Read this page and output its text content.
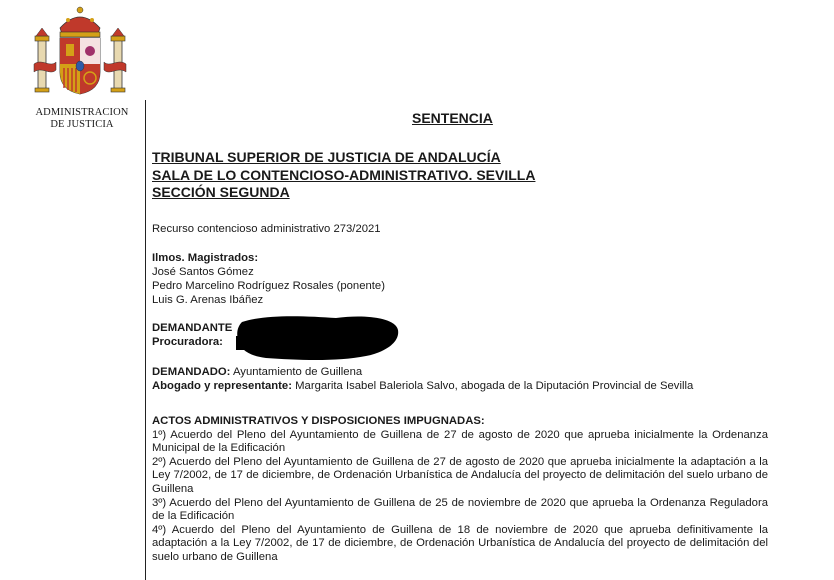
ADMINISTRACION
DE JUSTICIA	SENTENCIA
TRIBUNAL SUPERIOR DE JUSTICIA DE ANDALUCÍA
SALA DE LO CONTENCIOSO-ADMINISTRATIVO. SEVILLA
SECCIÓN SEGUNDA
Recurso contencioso administrativo 273/2021
Ilmos. Magistrados:
José Santos Gómez
Pedro Marcelino Rodríguez Rosales (ponente)
Luis G. Arenas Ibáñez
DEMANDANTE
Procuradora:
DEMANDADO: Ayuntamiento de Guillena
Abogado y representante: Margarita Isabel Baleriola Salvo, abogada de la Diputación Provincial de Sevilla

ACTOS ADMINISTRATIVOS Y DISPOSICIONES IMPUGNADAS:

1º) Acuerdo del Pleno del Ayuntamiento de Guillena de 27 de agosto de 2020 que aprueba inicialmente la Ordenanza Municipal de la Edificación

2º) Acuerdo del Pleno del Ayuntamiento de Guillena de 27 de agosto de 2020 que aprueba inicialmente la adaptación a la Ley 7/2002, de 17 de diciembre, de Ordenación Urbanística de Andalucía del proyecto de delimitación del suelo urbano de Guillena

3º) Acuerdo del Pleno del Ayuntamiento de Guillena de 25 de noviembre de 2020 que aprueba la Ordenanza Reguladora de la Edificación

4º) Acuerdo del Pleno del Ayuntamiento de Guillena de 18 de noviembre de 2020 que aprueba definitivamente la adaptación a la Ley 7/2002, de 17 de diciembre, de Ordenación Urbanística de Andalucía del proyecto de delimitación del suelo urbano de Guillena
